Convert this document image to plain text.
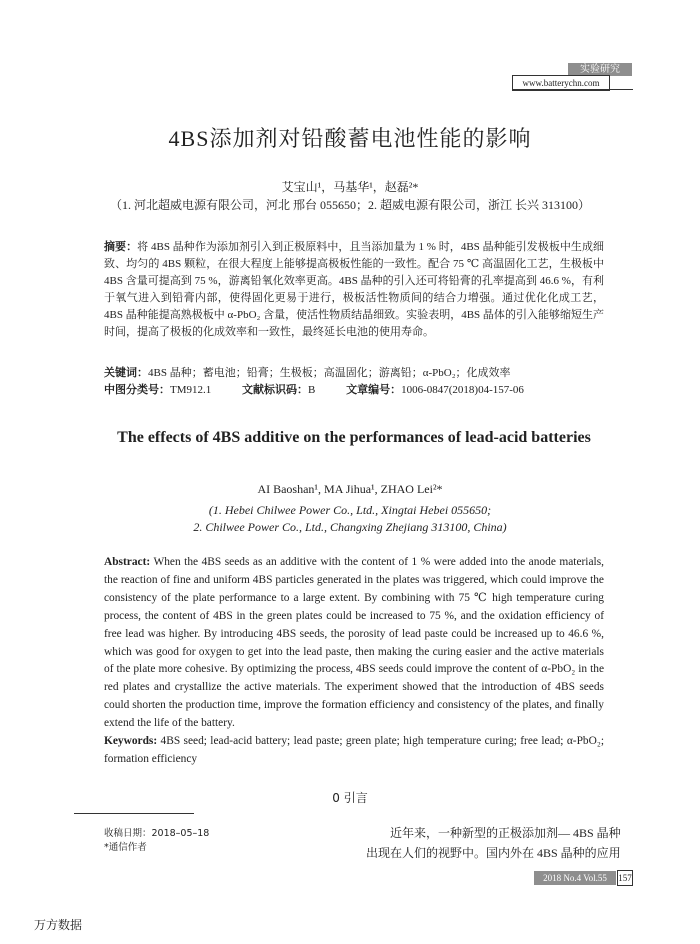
实验研究
www.batterychn.com
4BS添加剂对铅酸蓄电池性能的影响
艾宝山¹，马基华¹，赵磊²*
（1. 河北超威电源有限公司，河北 邢台 055650；2. 超威电源有限公司，浙江 长兴 313100）
摘要：将 4BS 晶种作为添加剂引入到正极原料中，且当添加量为 1 % 时，4BS 晶种能引发极板中生成细致、均匀的 4BS 颗粒，在很大程度上能够提高极板性能的一致性。配合 75 ℃ 高温固化工艺，生极板中 4BS 含量可提高到 75 %，游离铅氧化效率更高。4BS 晶种的引入还可将铅膏的孔率提高到 46.6 %，有利于氧气进入到铅膏内部，使得固化更易于进行，极板活性物质间的结合力增强。通过优化化成工艺，4BS 晶种能提高熟极板中 α-PbO₂ 含量，使活性物质结晶细致。实验表明，4BS 晶体的引入能够缩短生产时间，提高了极板的化成效率和一致性，最终延长电池的使用寿命。
关键词：4BS 晶种；蓄电池；铅膏；生极板；高温固化；游离铅；α-PbO₂；化成效率
中图分类号：TM912.1	文献标识码：B	文章编号：1006-0847(2018)04-157-06
The effects of 4BS additive on the performances of lead-acid batteries
AI Baoshan¹, MA Jihua¹, ZHAO Lei²*
(1. Hebei Chilwee Power Co., Ltd., Xingtai Hebei 055650;
2. Chilwee Power Co., Ltd., Changxing Zhejiang 313100, China)
Abstract: When the 4BS seeds as an additive with the content of 1 % were added into the anode materials, the reaction of fine and uniform 4BS particles generated in the plates was triggered, which could improve the consistency of the plate performance to a large extent. By combining with 75 ℃ high temperature curing process, the content of 4BS in the green plates could be increased to 75 %, and the oxidation efficiency of free lead was higher. By introducing 4BS seeds, the porosity of lead paste could be increased up to 46.6 %, which was good for oxygen to get into the lead paste, then making the curing easier and the active materials of the plate more cohesive. By optimizing the process, 4BS seeds could improve the content of α-PbO₂ in the red plates and crystallize the active materials. The experiment showed that the introduction of 4BS seeds could shorten the production time, improve the formation efficiency and consistency of the plates, and finally extend the life of the battery.
Keywords: 4BS seed; lead-acid battery; lead paste; green plate; high temperature curing; free lead; α-PbO₂; formation efficiency
0 引言
收稿日期：2018–05–18
*通信作者
近年来，一种新型的正极添加剂— 4BS 晶种
出现在人们的视野中。国内外在 4BS 晶种的应用
2018 No.4 Vol.55	157
万方数据
